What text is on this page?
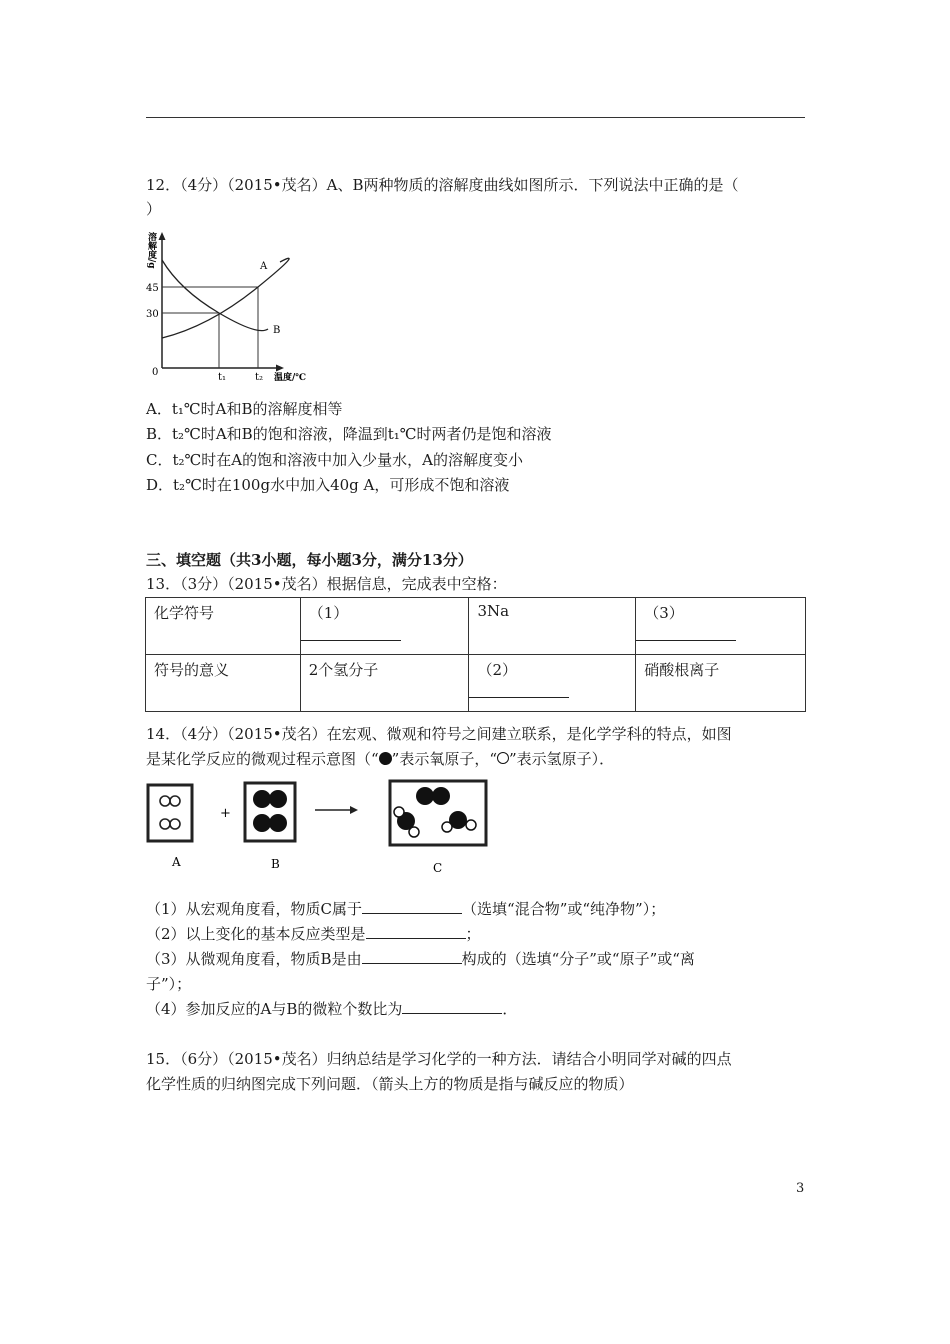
12．（4分）（2015•茂名）A、B两种物质的溶解度曲线如图所示．下列说法中正确的是（
）
溶解度/g
45
30
0	t₁	t₂ 温度/℃
A
B
A．t₁℃时A和B的溶解度相等
B．t₂℃时A和B的饱和溶液，降温到t₁℃时两者仍是饱和溶液
C．t₂℃时在A的饱和溶液中加入少量水，A的溶解度变小
D．t₂℃时在100g水中加入40g A，可形成不饱和溶液
三、填空题（共3小题，每小题3分，满分13分）
13．（3分）（2015•茂名）根据信息，完成表中空格：
化学符号	（1）	3Na	（3）

符号的意义	2个氢分子	（2）	硝酸根离子
14．（4分）（2015•茂名）在宏观、微观和符号之间建立联系，是化学学科的特点，如图
是某化学反应的微观过程示意图（“ ”表示氧原子，“ ”表示氢原子）．
+
A	B	C
（1）从宏观角度看，物质C属于	（选填“混合物”或“纯净物”）；
（2）以上变化的基本反应类型是	；
（3）从微观角度看，物质B是由	构成的（选填“分子”或“原子”或“离
子”）；
（4）参加反应的A与B的微粒个数比为	．
15．（6分）（2015•茂名）归纳总结是学习化学的一种方法．请结合小明同学对碱的四点
化学性质的归纳图完成下列问题．（箭头上方的物质是指与碱反应的物质）
3
